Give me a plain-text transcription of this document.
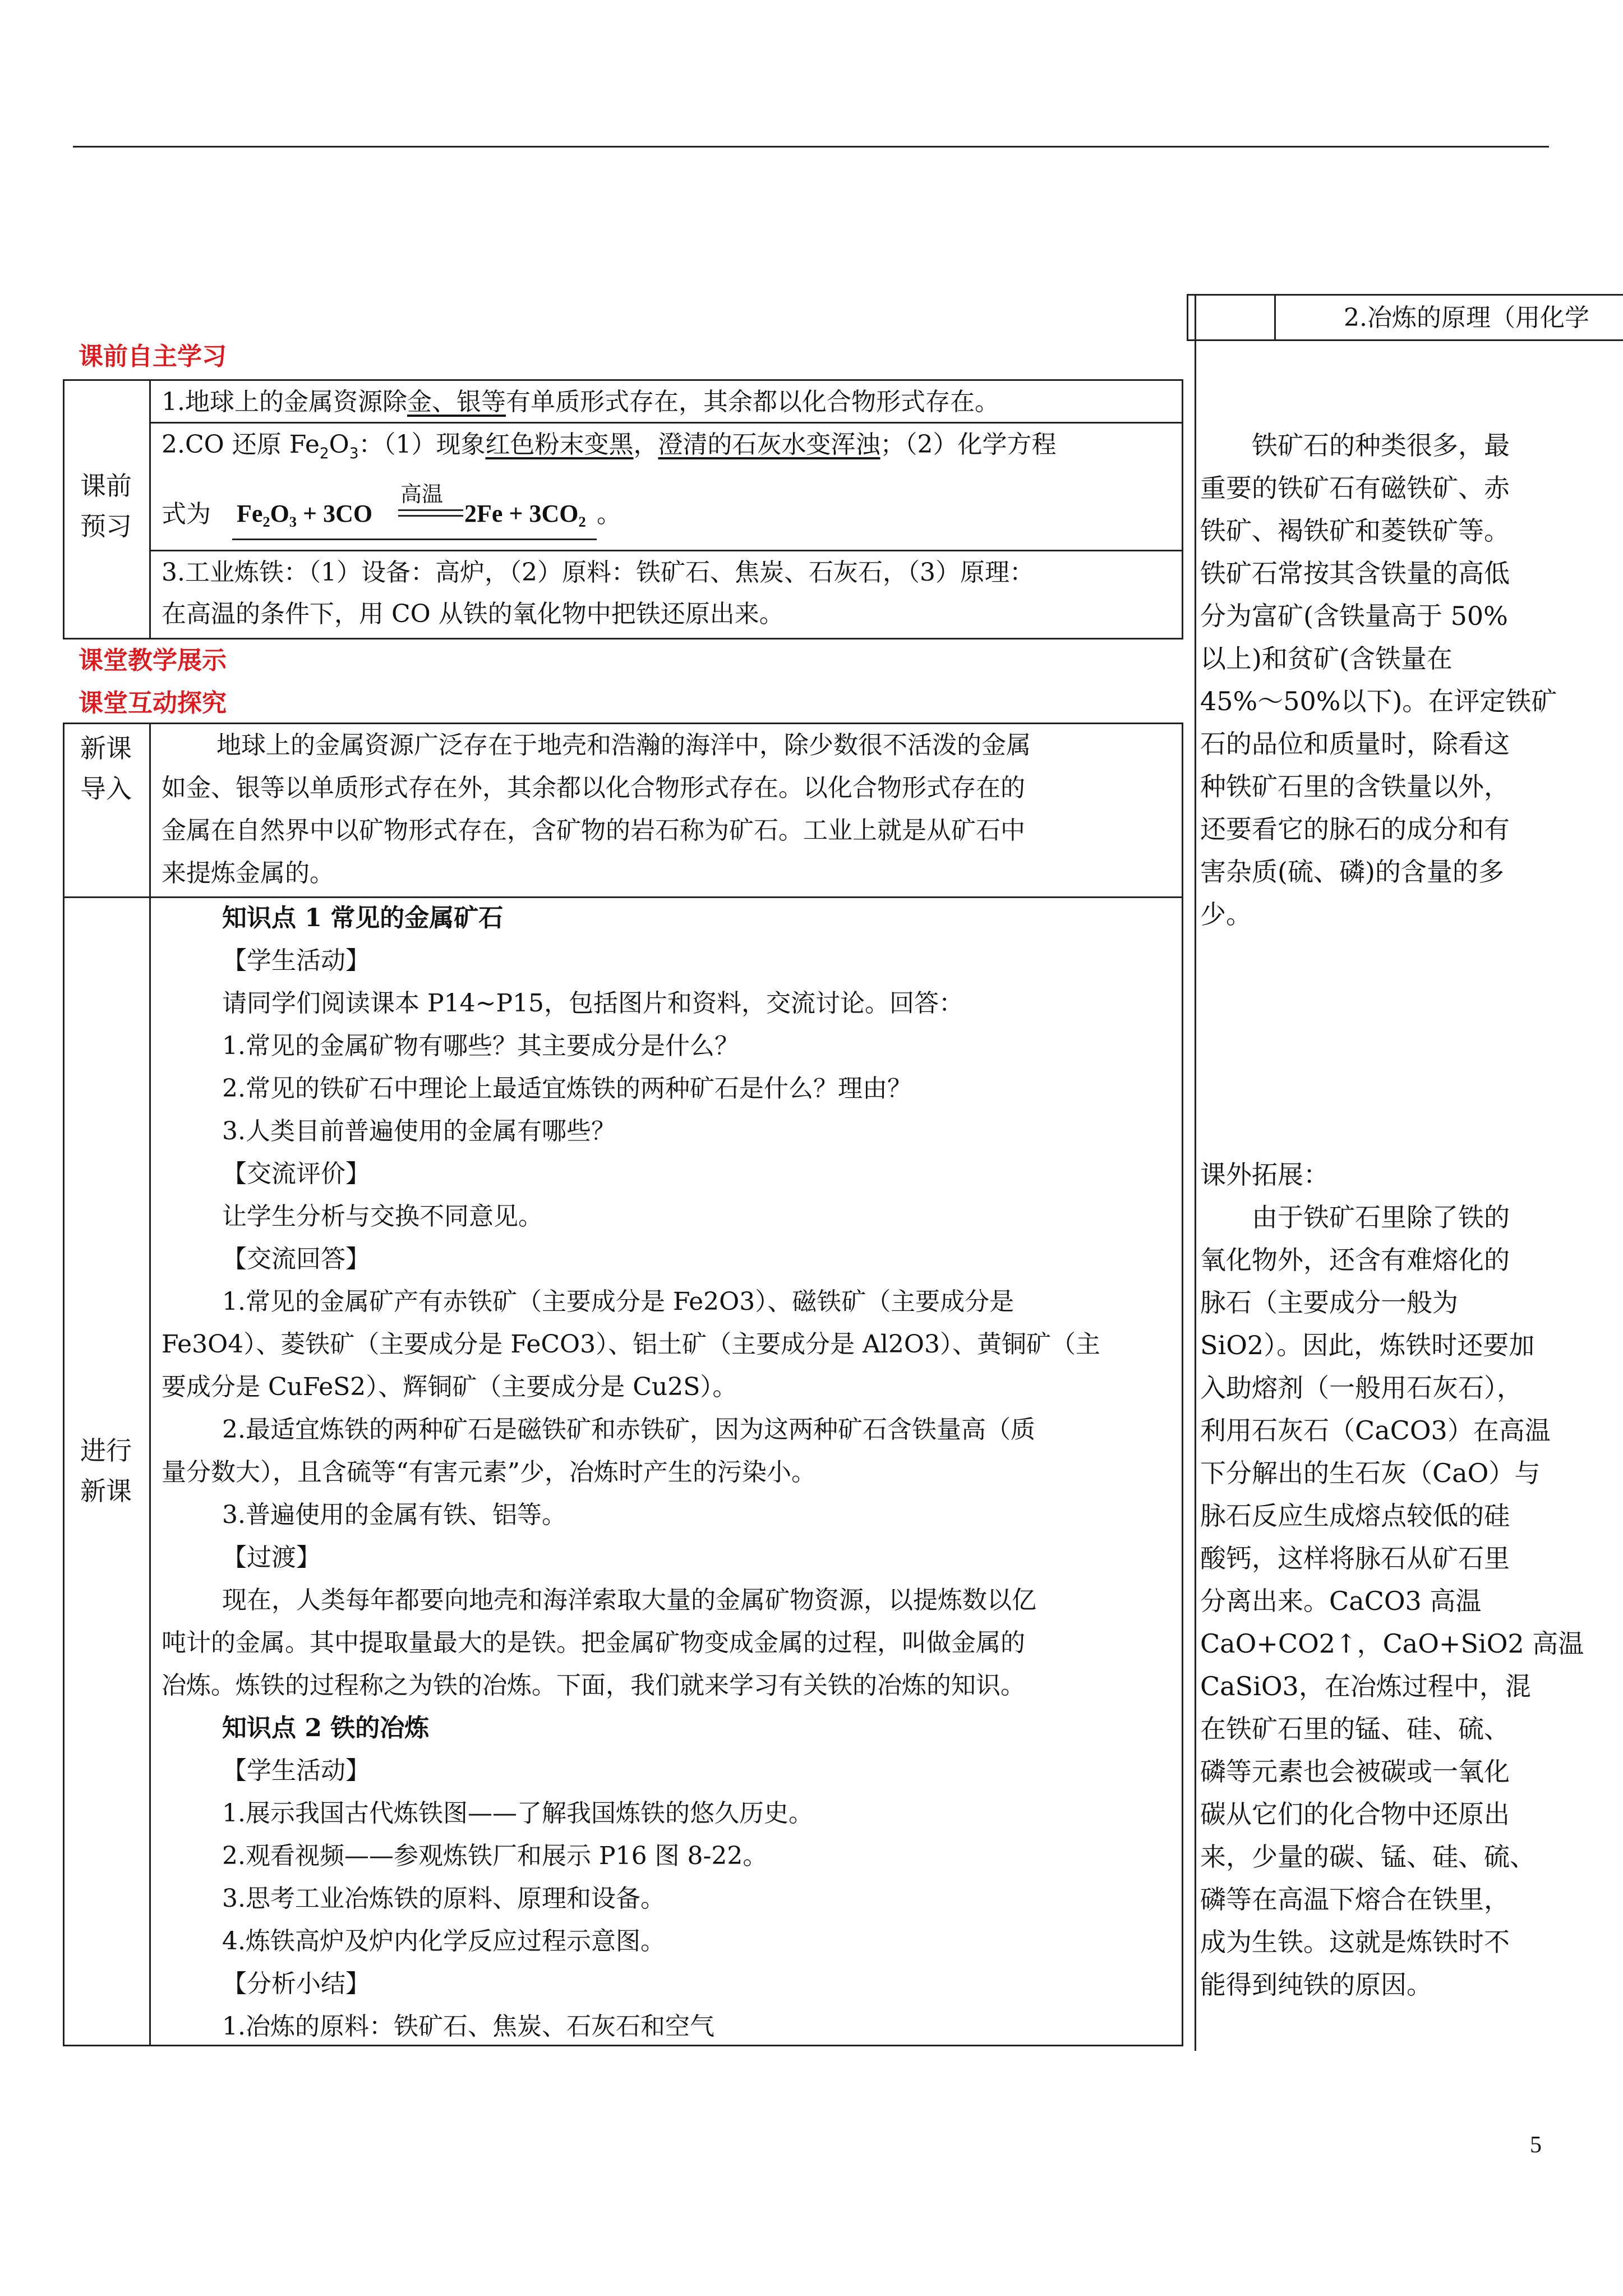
2.冶炼的原理（用化学
课前自主学习
课堂教学展示
课堂互动探究
课前预习
1.地球上的金属资源除金、银等有单质形式存在，其余都以化合物形式存在。
2.CO 还原 $Fe_2O_3$：（1）现象红色粉末变黑，澄清的石灰水变浑浊；（2）化学方程
式为 Fe₂O₃ + 3CO
高温
2Fe + 3CO₂ 。
3.工业炼铁：（1）设备：高炉，（2）原料：铁矿石、焦炭、石灰石，（3）原理：
在高温的条件下，用 CO 从铁的氧化物中把铁还原出来。
新课导入
地球上的金属资源广泛存在于地壳和浩瀚的海洋中，除少数很不活泼的金属
如金、银等以单质形式存在外，其余都以化合物形式存在。以化合物形式存在的
金属在自然界中以矿物形式存在，含矿物的岩石称为矿石。工业上就是从矿石中
来提炼金属的。
进行新课
知识点 1 常见的金属矿石
【学生活动】
请同学们阅读课本 P14~P15，包括图片和资料，交流讨论。回答：
1.常见的金属矿物有哪些？其主要成分是什么？
2.常见的铁矿石中理论上最适宜炼铁的两种矿石是什么？理由？
3.人类目前普遍使用的金属有哪些？
【交流评价】
让学生分析与交换不同意见。
【交流回答】
1.常见的金属矿产有赤铁矿（主要成分是 Fe2O3）、磁铁矿（主要成分是
Fe3O4）、菱铁矿（主要成分是 FeCO3）、铝土矿（主要成分是 Al2O3）、黄铜矿（主
要成分是 CuFeS2）、辉铜矿（主要成分是 Cu2S）。
2.最适宜炼铁的两种矿石是磁铁矿和赤铁矿，因为这两种矿石含铁量高（质
量分数大），且含硫等“有害元素”少，冶炼时产生的污染小。
3.普遍使用的金属有铁、铝等。
【过渡】
现在，人类每年都要向地壳和海洋索取大量的金属矿物资源，以提炼数以亿
吨计的金属。其中提取量最大的是铁。把金属矿物变成金属的过程，叫做金属的
冶炼。炼铁的过程称之为铁的冶炼。下面，我们就来学习有关铁的冶炼的知识。
知识点 2 铁的冶炼
【学生活动】
1.展示我国古代炼铁图——了解我国炼铁的悠久历史。
2.观看视频——参观炼铁厂和展示 P16 图 8-22。
3.思考工业冶炼铁的原料、原理和设备。
4.炼铁高炉及炉内化学反应过程示意图。
【分析小结】
1.冶炼的原料：铁矿石、焦炭、石灰石和空气
　　铁矿石的种类很多，最
重要的铁矿石有磁铁矿、赤
铁矿、褐铁矿和菱铁矿等。
铁矿石常按其含铁量的高低
分为富矿(含铁量高于 50%
以上)和贫矿(含铁量在
45%～50%以下)。在评定铁矿
石的品位和质量时，除看这
种铁矿石里的含铁量以外，
还要看它的脉石的成分和有
害杂质(硫、磷)的含量的多
少。
课外拓展：
　　由于铁矿石里除了铁的
氧化物外，还含有难熔化的
脉石（主要成分一般为
SiO2）。因此，炼铁时还要加
入助熔剂（一般用石灰石），
利用石灰石（CaCO3）在高温
下分解出的生石灰（CaO）与
脉石反应生成熔点较低的硅
酸钙，这样将脉石从矿石里
分离出来。CaCO3 高温
CaO+CO2↑，CaO+SiO2 高温
CaSiO3，在冶炼过程中，混
在铁矿石里的锰、硅、硫、
磷等元素也会被碳或一氧化
碳从它们的化合物中还原出
来，少量的碳、锰、硅、硫、
磷等在高温下熔合在铁里，
成为生铁。这就是炼铁时不
能得到纯铁的原因。
5
